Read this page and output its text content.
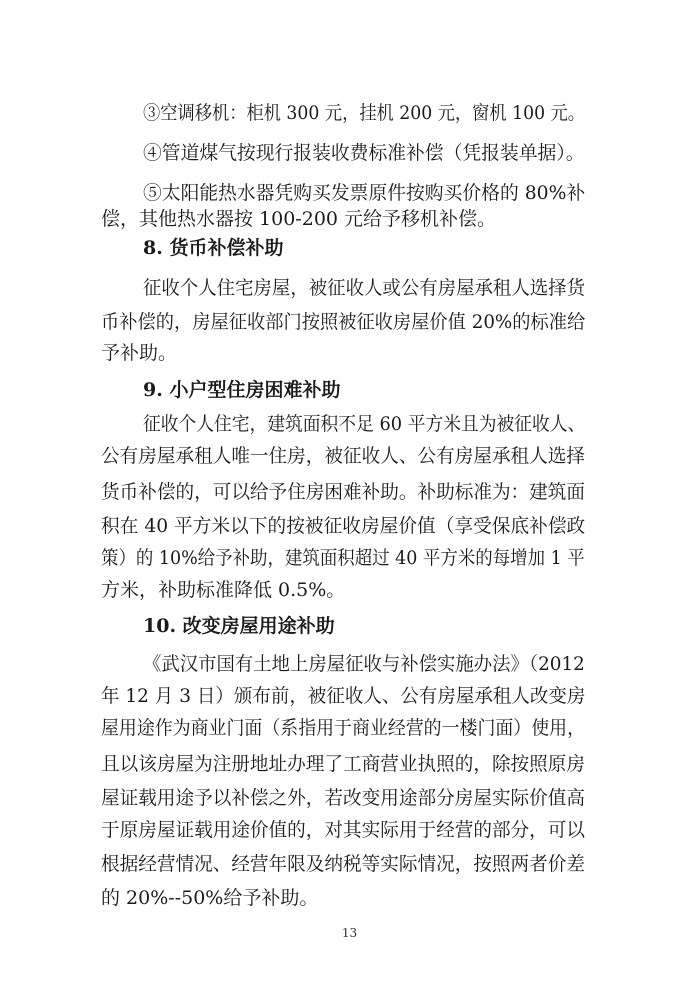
③空调移机：柜机 300 元，挂机 200 元，窗机 100 元。
④管道煤气按现行报装收费标准补偿（凭报装单据）。
⑤太阳能热水器凭购买发票原件按购买价格的 80%补
偿，其他热水器按 100-200 元给予移机补偿。
8. 货币补偿补助
征收个人住宅房屋，被征收人或公有房屋承租人选择货
币补偿的，房屋征收部门按照被征收房屋价值 20%的标准给
予补助。
9. 小户型住房困难补助
征收个人住宅，建筑面积不足 60 平方米且为被征收人、
公有房屋承租人唯一住房，被征收人、公有房屋承租人选择
货币补偿的，可以给予住房困难补助。补助标准为：建筑面
积在 40 平方米以下的按被征收房屋价值（享受保底补偿政
策）的 10%给予补助，建筑面积超过 40 平方米的每增加 1 平
方米，补助标准降低 0.5%。
10. 改变房屋用途补助
《武汉市国有土地上房屋征收与补偿实施办法》（2012
年 12 月 3 日）颁布前，被征收人、公有房屋承租人改变房
屋用途作为商业门面（系指用于商业经营的一楼门面）使用，
且以该房屋为注册地址办理了工商营业执照的，除按照原房
屋证载用途予以补偿之外，若改变用途部分房屋实际价值高
于原房屋证载用途价值的，对其实际用于经营的部分，可以
根据经营情况、经营年限及纳税等实际情况，按照两者价差
的 20%--50%给予补助。
13
